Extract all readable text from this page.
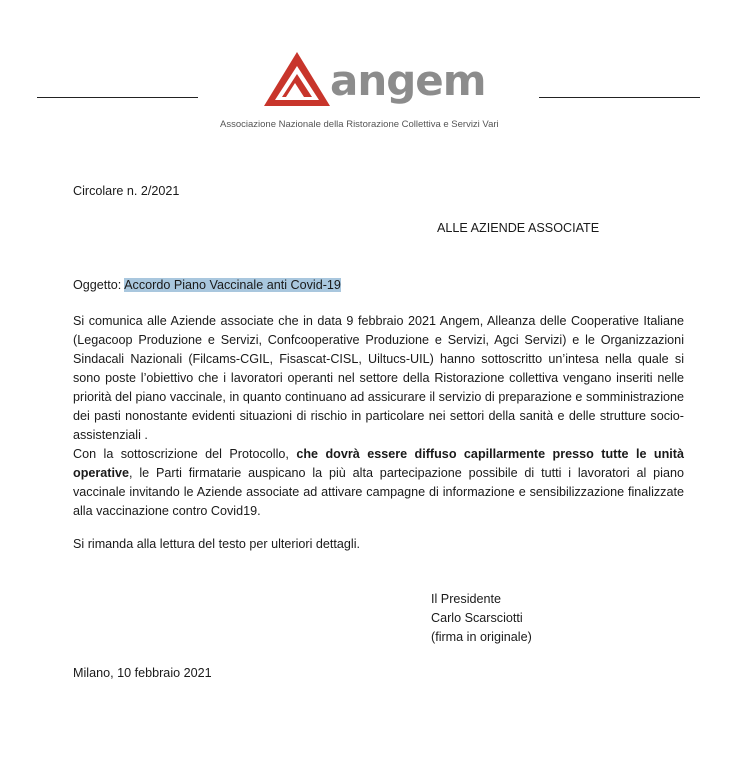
angem
Associazione Nazionale della Ristorazione Collettiva e Servizi Vari
Circolare n. 2/2021
ALLE AZIENDE ASSOCIATE
Oggetto: Accordo Piano Vaccinale anti Covid-19

Si comunica alle Aziende associate che in data 9 febbraio 2021 Angem, Alleanza delle Cooperative Italiane (Legacoop Produzione e Servizi, Confcooperative Produzione e Servizi, Agci Servizi) e le Organizzazioni Sindacali Nazionali (Filcams-CGIL, Fisascat-CISL, Uiltucs-UIL) hanno sottoscritto un’intesa nella quale si sono poste l’obiettivo che i lavoratori operanti nel settore della Ristorazione collettiva vengano inseriti nelle priorità del piano vaccinale, in quanto continuano ad assicurare il servizio di preparazione e somministrazione dei pasti nonostante evidenti situazioni di rischio in particolare nei settori della sanità e delle strutture socio-assistenziali .

Con la sottoscrizione del Protocollo, che dovrà essere diffuso capillarmente presso tutte le unità operative, le Parti firmatarie auspicano la più alta partecipazione possibile di tutti i lavoratori al piano vaccinale invitando le Aziende associate ad attivare campagne di informazione e sensibilizzazione finalizzate alla vaccinazione contro Covid19.

Si rimanda alla lettura del testo per ulteriori dettagli.
Il Presidente
Carlo Scarsciotti
(firma in originale)
Milano, 10 febbraio 2021
